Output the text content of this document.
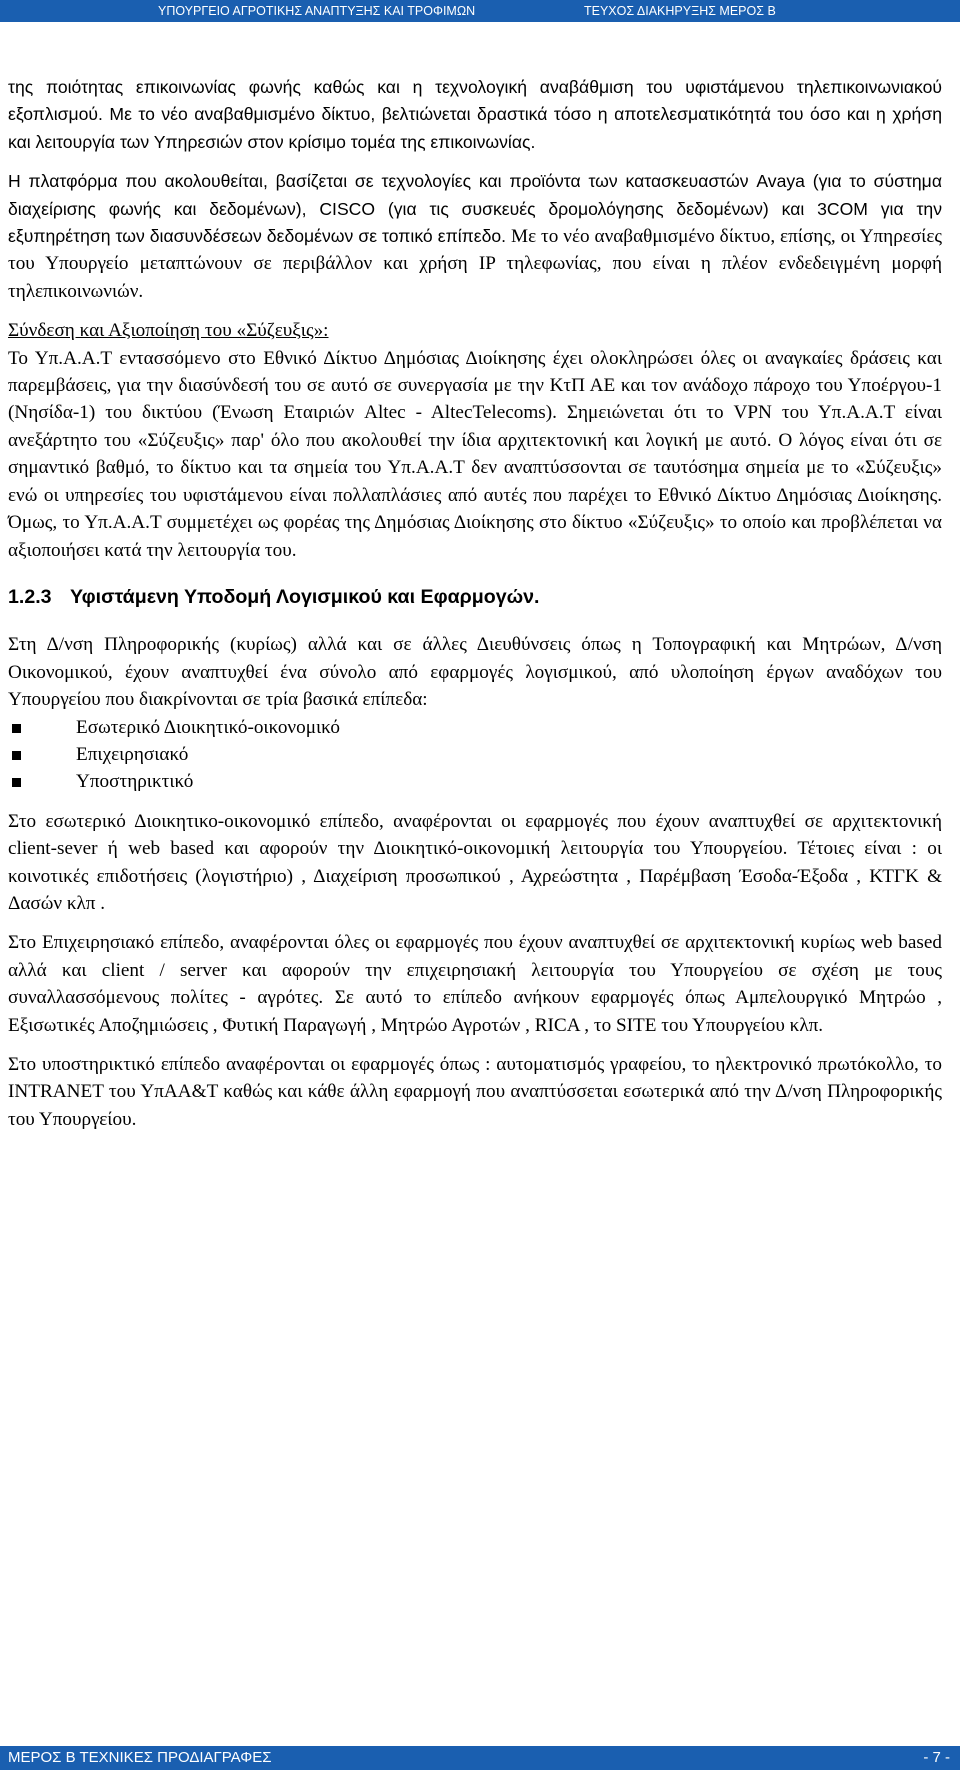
ΥΠΟΥΡΓΕΙΟ ΑΓΡΟΤΙΚΗΣ ΑΝΑΠΤΥΞΗΣ ΚΑΙ ΤΡΟΦΙΜΩΝ	ΤΕΥΧΟΣ ΔΙΑΚΗΡΥΞΗΣ ΜΕΡΟΣ Β

της ποιότητας επικοινωνίας φωνής καθώς και η τεχνολογική αναβάθμιση του υφιστάμενου τηλεπικοινωνιακού εξοπλισμού. Με το νέο αναβαθμισμένο δίκτυο, βελτιώνεται δραστικά τόσο η αποτελεσματικότητά του όσο και η χρήση και λειτουργία των Υπηρεσιών στον κρίσιμο τομέα της επικοινωνίας.

Η πλατφόρμα που ακολουθείται, βασίζεται σε τεχνολογίες και προϊόντα των κατασκευαστών Avaya (για το σύστημα διαχείρισης φωνής και δεδομένων), CISCO (για τις συσκευές δρομολόγησης δεδομένων) και 3COM για την εξυπηρέτηση των διασυνδέσεων δεδομένων σε τοπικό επίπεδο. Με το νέο αναβαθμισμένο δίκτυο, επίσης, οι Υπηρεσίες του Υπουργείο μεταπτώνουν σε περιβάλλον και χρήση IP τηλεφωνίας, που είναι η πλέον ενδεδειγμένη μορφή τηλεπικοινωνιών.

Σύνδεση και Αξιοποίηση του «Σύζευξις»:

Το Υπ.Α.Α.Τ εντασσόμενο στο Εθνικό Δίκτυο Δημόσιας Διοίκησης έχει ολοκληρώσει όλες οι αναγκαίες δράσεις και παρεμβάσεις, για την διασύνδεσή του σε αυτό σε συνεργασία με την ΚτΠ ΑΕ και τον ανάδοχο πάροχο του Υποέργου-1 (Νησίδα-1) του δικτύου (Ένωση Εταιριών Altec - AltecTelecoms). Σημειώνεται ότι το VPN του Υπ.Α.Α.Τ είναι ανεξάρτητο του «Σύζευξις» παρ' όλο που ακολουθεί την ίδια αρχιτεκτονική και λογική με αυτό. Ο λόγος είναι ότι σε σημαντικό βαθμό, το δίκτυο και τα σημεία του Υπ.Α.Α.Τ δεν αναπτύσσονται σε ταυτόσημα σημεία με το «Σύζευξις» ενώ οι υπηρεσίες του υφιστάμενου είναι πολλαπλάσιες από αυτές που παρέχει το Εθνικό Δίκτυο Δημόσιας Διοίκησης. Όμως, το Υπ.Α.Α.Τ συμμετέχει ως φορέας της Δημόσιας Διοίκησης στο δίκτυο «Σύζευξις» το οποίο και προβλέπεται να αξιοποιήσει κατά την λειτουργία του.

1.2.3 Υφιστάμενη Υποδομή Λογισμικού και Εφαρμογών.

Στη Δ/νση Πληροφορικής (κυρίως) αλλά και σε άλλες Διευθύνσεις όπως η Τοπογραφική και Μητρώων, Δ/νση Οικονομικού, έχουν αναπτυχθεί ένα σύνολο από εφαρμογές λογισμικού, από υλοποίηση έργων αναδόχων του Υπουργείου που διακρίνονται σε τρία βασικά επίπεδα:

Εσωτερικό Διοικητικό-οικονομικό
Επιχειρησιακό
Υποστηρικτικό

Στο εσωτερικό Διοικητικο-οικονομικό επίπεδο, αναφέρονται οι εφαρμογές που έχουν αναπτυχθεί σε αρχιτεκτονική client-sever ή web based και αφορούν την Διοικητικό-οικονομική λειτουργία του Υπουργείου. Τέτοιες είναι : οι κοινοτικές επιδοτήσεις (λογιστήριο) , Διαχείριση προσωπικού , Αχρεώστητα , Παρέμβαση Έσοδα-Έξοδα , ΚΤΓΚ & Δασών κλπ .

Στο Επιχειρησιακό επίπεδο, αναφέρονται όλες οι εφαρμογές που έχουν αναπτυχθεί σε αρχιτεκτονική κυρίως web based αλλά και client / server και αφορούν την επιχειρησιακή λειτουργία του Υπουργείου σε σχέση με τους συναλλασσόμενους πολίτες - αγρότες. Σε αυτό το επίπεδο ανήκουν εφαρμογές όπως Αμπελουργικό Μητρώο , Εξισωτικές Αποζημιώσεις , Φυτική Παραγωγή , Μητρώο Αγροτών , RICA , το SITE του Υπουργείου κλπ.

Στο υποστηρικτικό επίπεδο αναφέρονται οι εφαρμογές όπως : αυτοματισμός γραφείου, το ηλεκτρονικό πρωτόκολλο, το INTRANET του ΥπΑΑ&Τ καθώς και κάθε άλλη εφαρμογή που αναπτύσσεται εσωτερικά από την Δ/νση Πληροφορικής του Υπουργείου.

ΜΕΡΟΣ Β ΤΕΧΝΙΚΕΣ ΠΡΟΔΙΑΓΡΑΦΕΣ	- 7 -
